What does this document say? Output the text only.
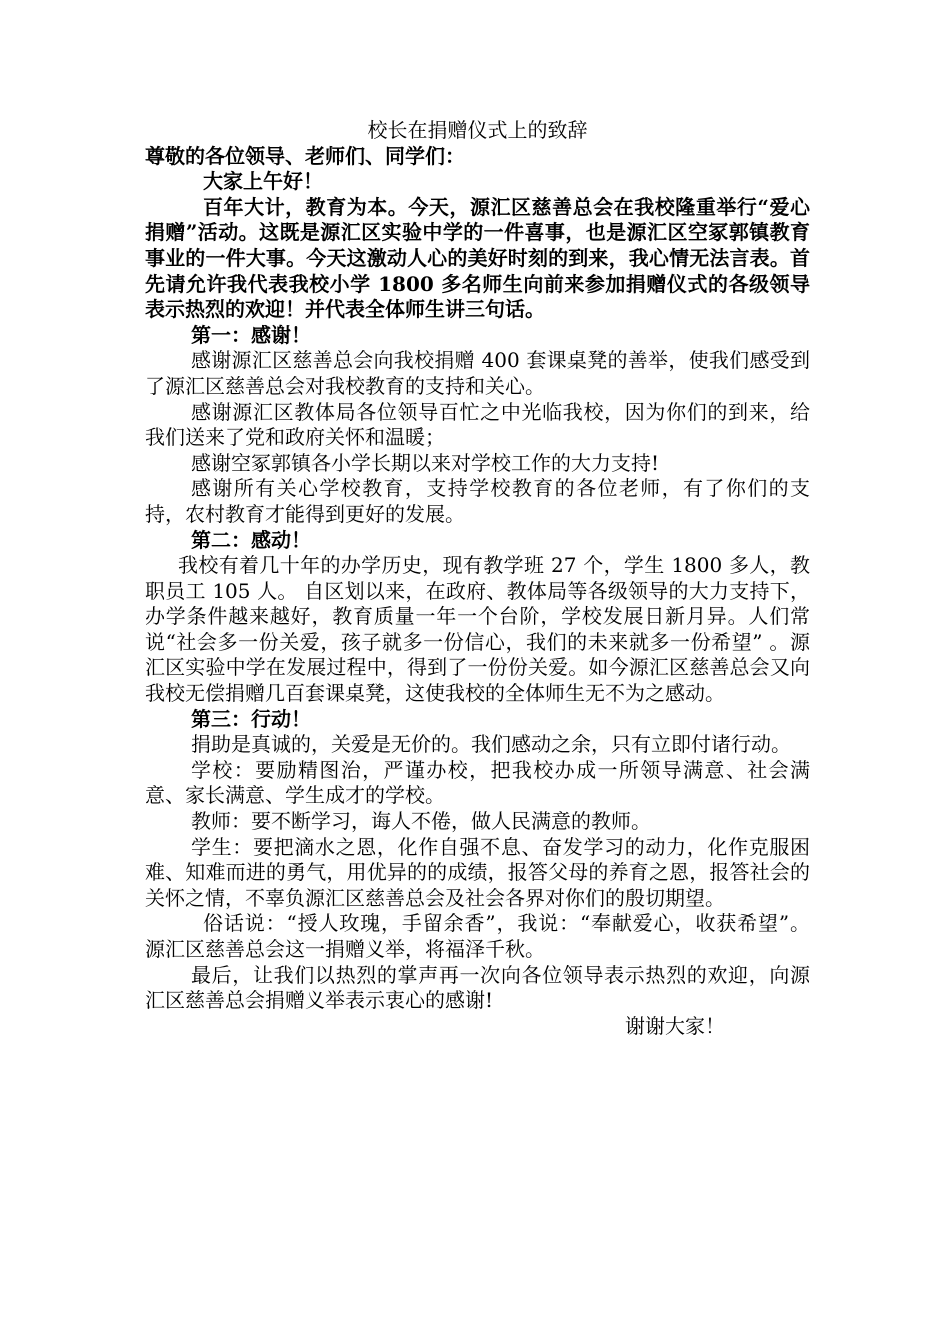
校长在捐赠仪式上的致辞

尊敬的各位领导、老师们、同学们：

大家上午好！

百年大计，教育为本。今天，源汇区慈善总会在我校隆重举行“爱心捐赠”活动。这既是源汇区实验中学的一件喜事，也是源汇区空冢郭镇教育事业的一件大事。今天这激动人心的美好时刻的到来，我心情无法言表。首先请允许我代表我校小学 1800 多名师生向前来参加捐赠仪式的各级领导表示热烈的欢迎！并代表全体师生讲三句话。

第一：感谢！

感谢源汇区慈善总会向我校捐赠 400 套课桌凳的善举，使我们感受到了源汇区慈善总会对我校教育的支持和关心。

感谢源汇区教体局各位领导百忙之中光临我校，因为你们的到来，给我们送来了党和政府关怀和温暖；

感谢空冢郭镇各小学长期以来对学校工作的大力支持!

感谢所有关心学校教育，支持学校教育的各位老师，有了你们的支持，农村教育才能得到更好的发展。

第二：感动！

我校有着几十年的办学历史，现有教学班 27 个，学生 1800 多人，教职员工 105 人。 自区划以来，在政府、教体局等各级领导的大力支持下，办学条件越来越好，教育质量一年一个台阶，学校发展日新月异。人们常说“社会多一份关爱，孩子就多一份信心，我们的未来就多一份希望” 。源汇区实验中学在发展过程中，得到了一份份关爱。如今源汇区慈善总会又向我校无偿捐赠几百套课桌凳，这使我校的全体师生无不为之感动。

第三：行动！

捐助是真诚的，关爱是无价的。我们感动之余，只有立即付诸行动。

学校：要励精图治，严谨办校，把我校办成一所领导满意、社会满意、家长满意、学生成才的学校。

教师：要不断学习，诲人不倦，做人民满意的教师。

学生：要把滴水之恩，化作自强不息、奋发学习的动力，化作克服困难、知难而进的勇气，用优异的的成绩，报答父母的养育之恩，报答社会的关怀之情，不辜负源汇区慈善总会及社会各界对你们的殷切期望。

俗话说：“授人玫瑰，手留余香”，我说：“奉献爱心，收获希望”。 源汇区慈善总会这一捐赠义举，将福泽千秋。

最后，让我们以热烈的掌声再一次向各位领导表示热烈的欢迎，向源汇区慈善总会捐赠义举表示衷心的感谢!

谢谢大家！
